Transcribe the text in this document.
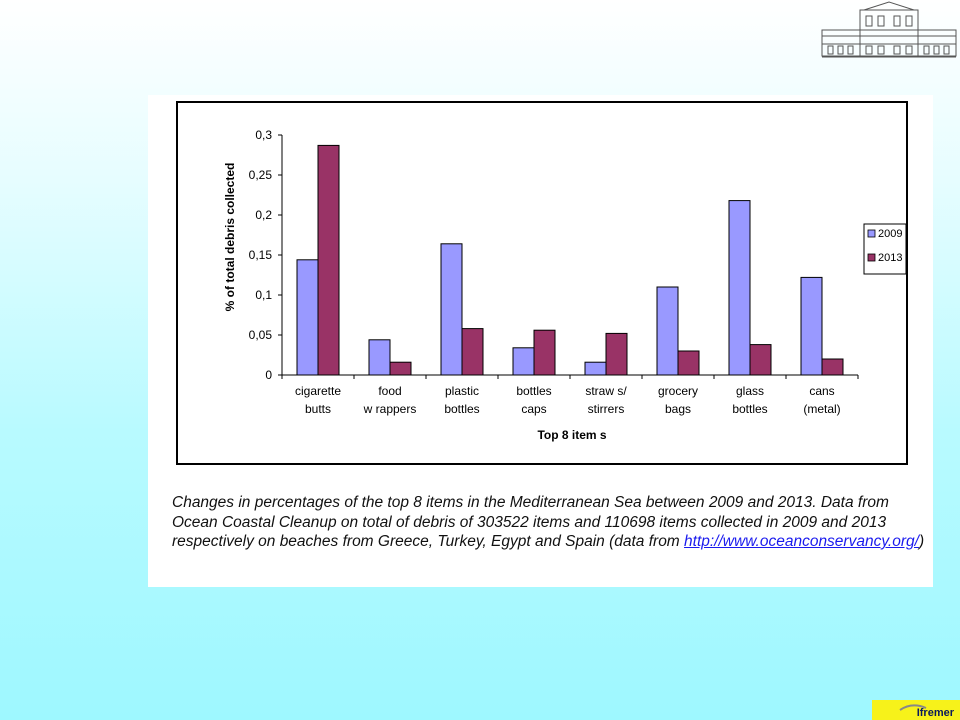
0
0,05
0,1
0,15
0,2
0,25
0,3
cigarette
butts
food
w rappers
plastic
bottles
bottles
caps
straw s/
stirrers
grocery
bags
glass
bottles
cans
(metal)
% of total debris collected
Top 8 item s
2009
2013
Changes in percentages of the top 8 items in the Mediterranean Sea between 2009 and 2013. Data from Ocean Coastal Cleanup on total of debris of 303522 items and 110698 items collected in 2009 and 2013 respectively on beaches from Greece, Turkey, Egypt and Spain (data from http://www.oceanconservancy.org/)
Ifremer
